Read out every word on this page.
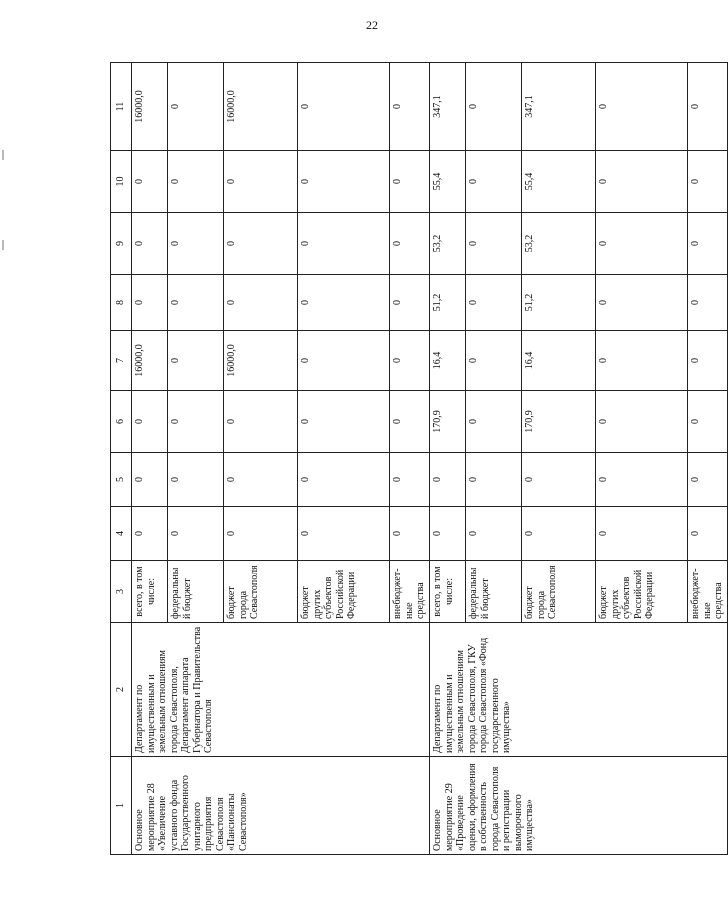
22
1	2	3	4	5	6	7	8	9	10	11
Основное мероприятие 28 «Увеличение уставного фонда Государственного унитарного предприятия Севастополя «Пансионаты Севастополя»	Департамент по имущественным и земельным отношениям города Севастополя, Департамент аппарата Губернатора и Правительства Севастополя	всего, в том числе:	0	0	0	16000,0	0	0	0	16000,0
		федеральный бюджет	0	0	0	0	0	0	0	0
		бюджет города Севастополя	0	0	0	16000,0	0	0	0	16000,0
		бюджет других субъектов Российской Федерации	0	0	0	0	0	0	0	0
		внебюджет-ные средства	0	0	0	0	0	0	0	0
Основное мероприятие 29 «Проведение оценки, оформления в собственность города Севастополя и регистрации выморочного имущества»	Департамент по имущественным и земельным отношениям города Севастополя, ГКУ города Севастополя «Фонд государственного имущества»	всего, в том числе:	0	0	170,9	16,4	51,2	53,2	55,4	347,1
		федеральный бюджет	0	0	0	0	0	0	0	0
		бюджет города Севастополя	0	0	170,9	16,4	51,2	53,2	55,4	347,1
		бюджет других субъектов Российской Федерации	0	0	0	0	0	0	0	0
		внебюджет-ные средства	0	0	0	0	0	0	0	0
